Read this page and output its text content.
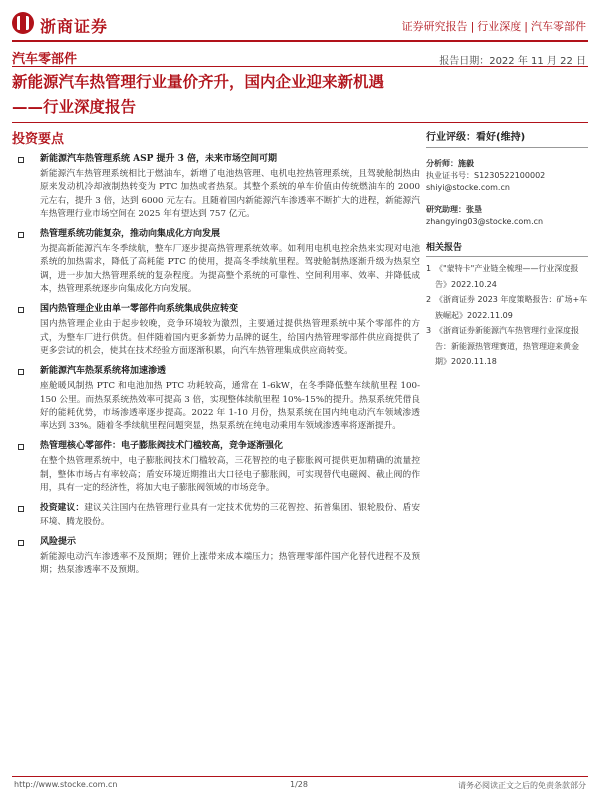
浙商证券	证券研究报告 | 行业深度 | 汽车零部件
汽车零部件	报告日期：2022 年 11 月 22 日
新能源汽车热管理行业量价齐升，国内企业迎来新机遇
——行业深度报告
投资要点
新能源汽车热管理系统 ASP 提升 3 倍，未来市场空间可期
新能源汽车热管理系统相比于燃油车，新增了电池热管理、电机电控热管理系统，且驾驶舱制热由原来发动机冷却液制热转变为 PTC 加热或者热泵。其整个系统的单车价值由传统燃油车的 2000 元左右，提升 3 倍，达到 6000 元左右。且随着国内新能源汽车渗透率不断扩大的进程，新能源汽车热管理行业市场空间在 2025 年有望达到 757 亿元。
热管理系统功能复杂，推动向集成化方向发展
为提高新能源汽车冬季续航，整车厂逐步提高热管理系统效率。如利用电机电控余热来实现对电池系统的加热需求，降低了高耗能 PTC 的使用，提高冬季续航里程。驾驶舱制热逐渐升级为热泵空调，进一步加大热管理系统的复杂程度。为提高整个系统的可靠性、空间利用率、效率、并降低成本，热管理系统逐步向集成化方向发展。
国内热管理企业由单一零部件向系统集成供应转变
国内热管理企业由于起步较晚，竞争环境较为激烈，主要通过提供热管理系统中某个零部件的方式，为整车厂进行供货。但伴随着国内更多新势力品牌的诞生，给国内热管理零部件供应商提供了更多尝试的机会，使其在技术经验方面逐渐积累，向汽车热管理集成供应商转变。
新能源汽车热泵系统将加速渗透
座舱暖风制热 PTC 和电池加热 PTC 功耗较高，通常在 1-6kW，在冬季降低整车续航里程 100-150 公里。而热泵系统热效率可提高 3 倍，实现整体续航里程 10%-15%的提升。热泵系统凭借良好的能耗优势，市场渗透率逐步提高。2022 年 1-10 月份，热泵系统在国内纯电动汽车领域渗透率达到 33%。随着冬季续航里程问题突显，热泵系统在纯电动乘用车领域渗透率将逐渐提升。
热管理核心零部件：电子膨胀阀技术门槛较高，竞争逐渐强化
在整个热管理系统中，电子膨胀阀技术门槛较高，三花智控的电子膨胀阀可提供更加精确的流量控制，整体市场占有率较高；盾安环境近期推出大口径电子膨胀阀，可实现替代电磁阀、截止阀的作用，具有一定的经济性，将加大电子膨胀阀领域的市场竞争。
投资建议：建议关注国内在热管理行业具有一定技术优势的三花智控、拓普集团、银轮股份、盾安环境、腾龙股份。
风险提示
新能源电动汽车渗透率不及预期；锂价上涨带来成本端压力；热管理零部件国产化替代进程不及预期；热泵渗透率不及预期。
行业评级：看好(维持)
分析师：施毅
执业证书号：S1230522100002
shiyi@stocke.com.cn
研究助理：张垦
zhangying03@stocke.com.cn
相关报告
1 《"蒙特卡"产业链全梳理——行业深度报告》2022.10.24
2 《浙商证券 2023 年度策略报告：矿场+车族崛起》2022.11.09
3 《浙商证券新能源汽车热管理行业深度报告：新能源热管理赛道，热管理迎来黄金期》2020.11.18
http://www.stocke.com.cn	1/28	请务必阅读正文之后的免责条款部分
